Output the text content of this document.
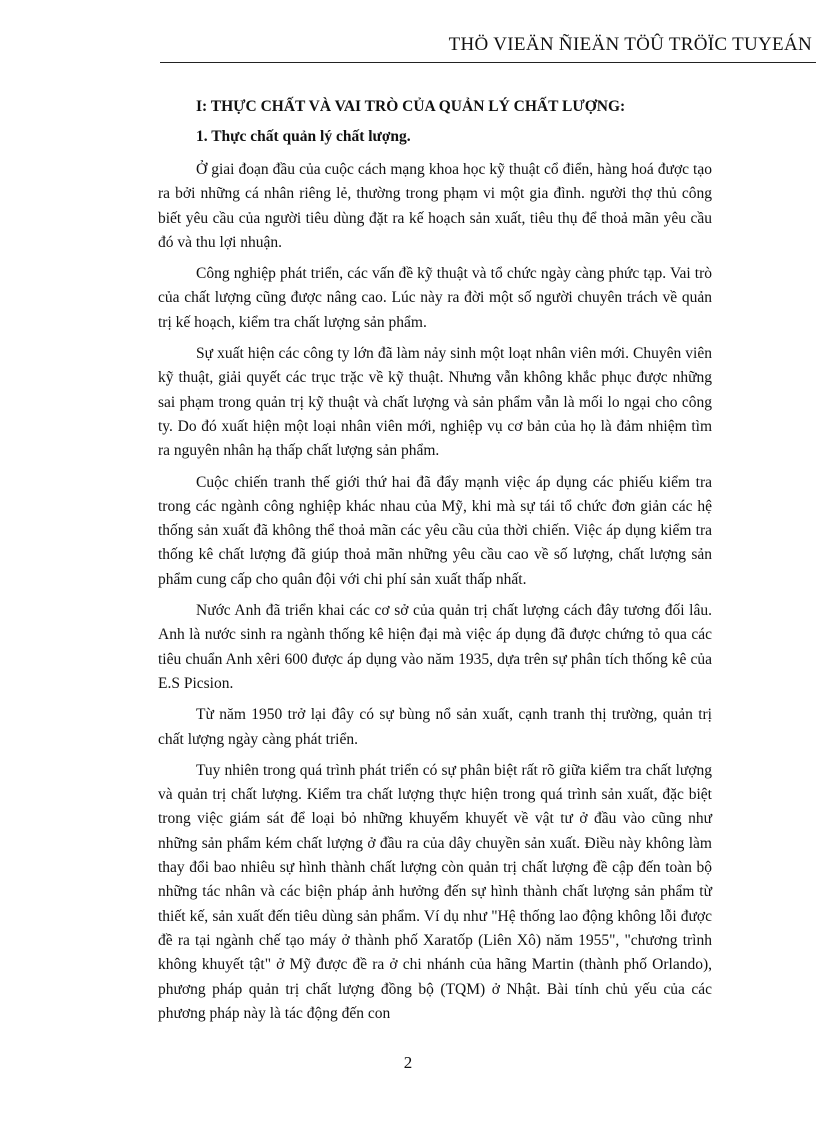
THÖ VIEÄN ÑIEÄN TÖÛ TRÖÏC TUYEÁN
I: THỰC CHẤT VÀ VAI TRÒ CỦA QUẢN LÝ CHẤT LƯỢNG:
1. Thực chất quản lý chất lượng.

Ở giai đoạn đầu của cuộc cách mạng khoa học kỹ thuật cổ điển, hàng hoá được tạo ra bởi những cá nhân riêng lẻ, thường trong phạm vi một gia đình. người thợ thủ công biết yêu cầu của người tiêu dùng đặt ra kế hoạch sản xuất, tiêu thụ để thoả mãn yêu cầu đó và thu lợi nhuận.

Công nghiệp phát triển, các vấn đề kỹ thuật và tổ chức ngày càng phức tạp. Vai trò của chất lượng cũng được nâng cao. Lúc này ra đời một số người chuyên trách về quản trị kế hoạch, kiểm tra chất lượng sản phẩm.

Sự xuất hiện các công ty lớn đã làm nảy sinh một loạt nhân viên mới. Chuyên viên kỹ thuật, giải quyết các trục trặc về kỹ thuật. Nhưng vẫn không khắc phục được những sai phạm trong quản trị kỹ thuật và chất lượng và sản phẩm vẫn là mối lo ngại cho công ty. Do đó xuất hiện một loại nhân viên mới, nghiệp vụ cơ bản của họ là đảm nhiệm tìm ra nguyên nhân hạ thấp chất lượng sản phẩm.

Cuộc chiến tranh thế giới thứ hai đã đẩy mạnh việc áp dụng các phiếu kiểm tra trong các ngành công nghiệp khác nhau của Mỹ, khi mà sự tái tổ chức đơn giản các hệ thống sản xuất đã không thể thoả mãn các yêu cầu của thời chiến. Việc áp dụng kiểm tra thống kê chất lượng đã giúp thoả mãn những yêu cầu cao về số lượng, chất lượng sản phẩm cung cấp cho quân đội với chi phí sản xuất thấp nhất.

Nước Anh đã triển khai các cơ sở của quản trị chất lượng cách đây tương đối lâu. Anh là nước sinh ra ngành thống kê hiện đại mà việc áp dụng đã được chứng tỏ qua các tiêu chuẩn Anh xêri 600 được áp dụng vào năm 1935, dựa trên sự phân tích thống kê của E.S Picsion.

Từ năm 1950 trở lại đây có sự bùng nổ sản xuất, cạnh tranh thị trường, quản trị chất lượng ngày càng phát triển.

Tuy nhiên trong quá trình phát triển có sự phân biệt rất rõ giữa kiểm tra chất lượng và quản trị chất lượng. Kiểm tra chất lượng thực hiện trong quá trình sản xuất, đặc biệt trong việc giám sát để loại bỏ những khuyếm khuyết về vật tư ở đầu vào cũng như những sản phẩm kém chất lượng ở đầu ra của dây chuyền sản xuất. Điều này không làm thay đổi bao nhiêu sự hình thành chất lượng còn quản trị chất lượng đề cập đến toàn bộ những tác nhân và các biện pháp ảnh hưởng đến sự hình thành chất lượng sản phẩm từ thiết kế, sản xuất đến tiêu dùng sản phẩm. Ví dụ như "Hệ thống lao động không lỗi được đề ra tại ngành chế tạo máy ở thành phố Xaratốp (Liên Xô) năm 1955", "chương trình không khuyết tật" ở Mỹ được đề ra ở chi nhánh của hãng Martin (thành phố Orlando), phương pháp quản trị chất lượng đồng bộ (TQM) ở Nhật. Bài tính chủ yếu của các phương pháp này là tác động đến con

2
